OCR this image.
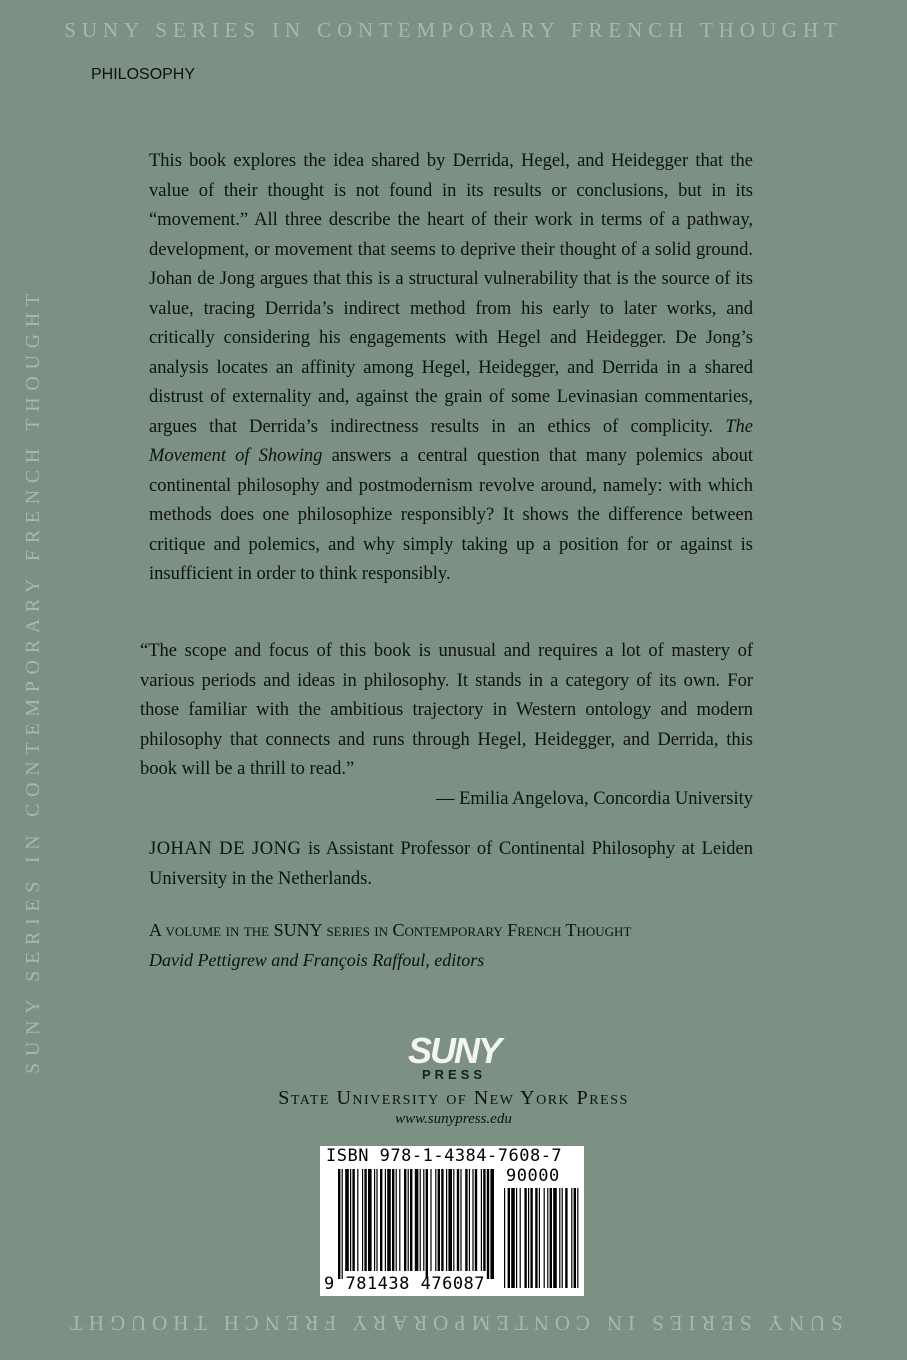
SUNY SERIES IN CONTEMPORARY FRENCH THOUGHT
SUNY SERIES IN CONTEMPORARY FRENCH THOUGHT
SUNY SERIES IN CONTEMPORARY FRENCH THOUGHT
PHILOSOPHY

This book explores the idea shared by Derrida, Hegel, and Heidegger that the value of their thought is not found in its results or conclusions, but in its “movement.” All three describe the heart of their work in terms of a pathway, development, or movement that seems to deprive their thought of a solid ground. Johan de Jong argues that this is a structural vulnerability that is the source of its value, tracing Derrida’s indirect method from his early to later works, and critically considering his engagements with Hegel and Heidegger. De Jong’s analysis locates an affinity among Hegel, Heidegger, and Derrida in a shared distrust of externality and, against the grain of some Levinasian commentaries, argues that Derrida’s indirectness results in an ethics of complicity. The Movement of Showing answers a central question that many polemics about continental philosophy and postmodernism revolve around, namely: with which methods does one philosophize responsibly? It shows the difference between critique and polemics, and why simply taking up a position for or against is insufficient in order to think responsibly.

“The scope and focus of this book is unusual and requires a lot of mastery of various periods and ideas in philosophy. It stands in a category of its own. For those familiar with the ambitious trajectory in Western ontology and modern philosophy that connects and runs through Hegel, Heidegger, and Derrida, this book will be a thrill to read.”

— Emilia Angelova, Concordia University

JOHAN DE JONG is Assistant Professor of Continental Philosophy at Leiden University in the Netherlands.

A volume in the SUNY series in Contemporary French Thought
David Pettigrew and François Raffoul, editors

SUNY
PRESS
State University of New York Press
www.sunypress.edu
ISBN 978-1-4384-7608-7
90000
9 781438 476087
